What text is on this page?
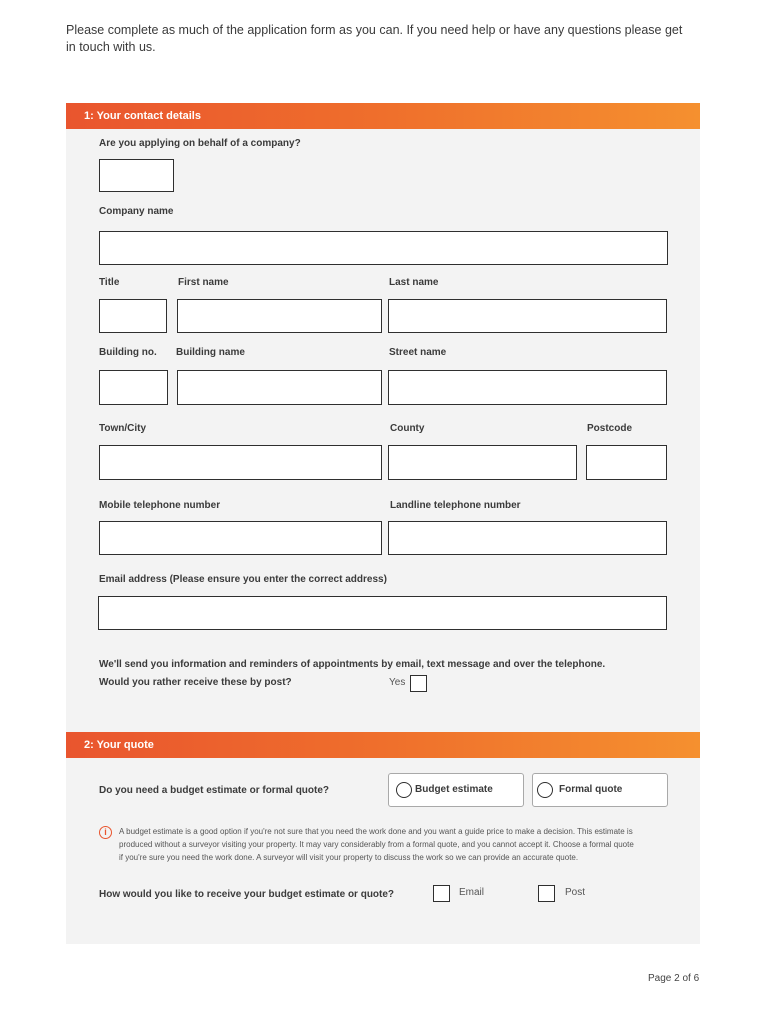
Please complete as much of the application form as you can. If you need help or have any questions please get in touch with us.
1: Your contact details
Are you applying on behalf of a company?
Company name
Title	First name	Last name
Building no. Building name	Street name
Town/City	County	Postcode
Mobile telephone number	Landline telephone number
Email address (Please ensure you enter the correct address)
We'll send you information and reminders of appointments by email, text message and over the telephone.
Would you rather receive these by post?	Yes
2: Your quote
Do you need a budget estimate or formal quote?	Budget estimate	Formal quote
i	A budget estimate is a good option if you're not sure that you need the work done and you want a guide price to make a decision. This estimate is
produced without a surveyor visiting your property. It may vary considerably from a formal quote, and you cannot accept it. Choose a formal quote
if you're sure you need the work done. A surveyor will visit your property to discuss the work so we can provide an accurate quote.
How would you like to receive your budget estimate or quote?	Email	Post
Page 2 of 6
